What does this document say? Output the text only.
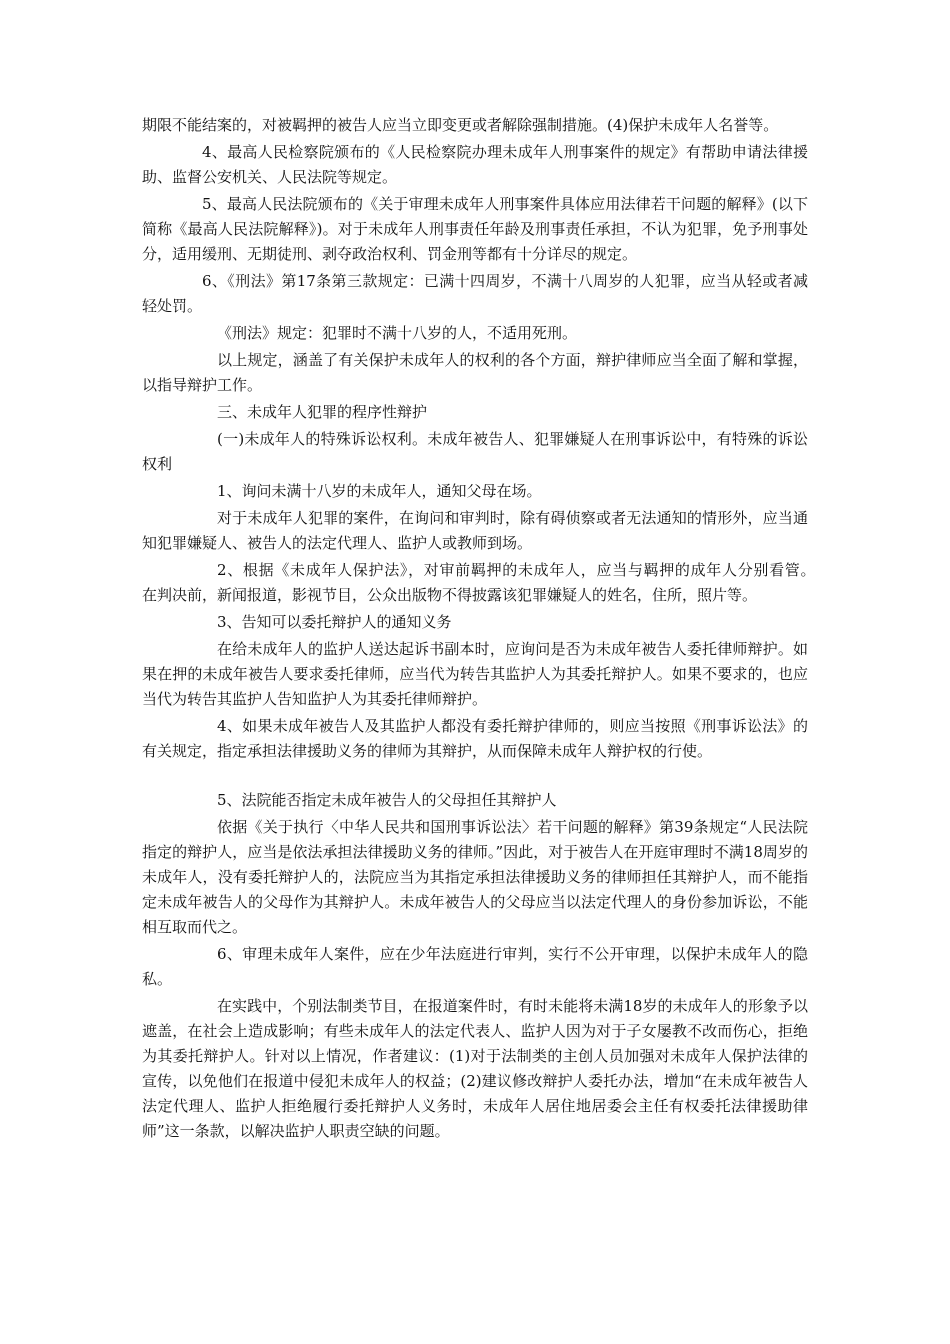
期限不能结案的，对被羁押的被告人应当立即变更或者解除强制措施。(4)保护未成年人名誉等。

4、最高人民检察院颁布的《人民检察院办理未成年人刑事案件的规定》有帮助申请法律援助、监督公安机关、人民法院等规定。

5、最高人民法院颁布的《关于审理未成年人刑事案件具体应用法律若干问题的解释》(以下简称《最高人民法院解释》)。对于未成年人刑事责任年龄及刑事责任承担，不认为犯罪，免予刑事处分，适用缓刑、无期徒刑、剥夺政治权利、罚金刑等都有十分详尽的规定。

6、《刑法》第17条第三款规定：已满十四周岁，不满十八周岁的人犯罪，应当从轻或者减轻处罚。

《刑法》规定：犯罪时不满十八岁的人，不适用死刑。

以上规定，涵盖了有关保护未成年人的权利的各个方面，辩护律师应当全面了解和掌握，以指导辩护工作。

三、未成年人犯罪的程序性辩护

(一)未成年人的特殊诉讼权利。未成年被告人、犯罪嫌疑人在刑事诉讼中，有特殊的诉讼权利

1、询问未满十八岁的未成年人，通知父母在场。

对于未成年人犯罪的案件，在询问和审判时，除有碍侦察或者无法通知的情形外，应当通知犯罪嫌疑人、被告人的法定代理人、监护人或教师到场。

2、根据《未成年人保护法》，对审前羁押的未成年人，应当与羁押的成年人分别看管。　　在判决前，新闻报道，影视节目，公众出版物不得披露该犯罪嫌疑人的姓名，住所，照片等。

3、告知可以委托辩护人的通知义务

在给未成年人的监护人送达起诉书副本时，应询问是否为未成年被告人委托律师辩护。如果在押的未成年被告人要求委托律师，应当代为转告其监护人为其委托辩护人。如果不要求的，也应当代为转告其监护人告知监护人为其委托律师辩护。

4、如果未成年被告人及其监护人都没有委托辩护律师的，则应当按照《刑事诉讼法》的有关规定，指定承担法律援助义务的律师为其辩护，从而保障未成年人辩护权的行使。

5、法院能否指定未成年被告人的父母担任其辩护人

依据《关于执行〈中华人民共和国刑事诉讼法〉若干问题的解释》第39条规定“人民法院指定的辩护人，应当是依法承担法律援助义务的律师。”因此，对于被告人在开庭审理时不满18周岁的未成年人，没有委托辩护人的，法院应当为其指定承担法律援助义务的律师担任其辩护人，而不能指定未成年被告人的父母作为其辩护人。未成年被告人的父母应当以法定代理人的身份参加诉讼，不能相互取而代之。

6、审理未成年人案件，应在少年法庭进行审判，实行不公开审理，以保护未成年人的隐私。

在实践中，个别法制类节目，在报道案件时，有时未能将未满18岁的未成年人的形象予以遮盖，在社会上造成影响；有些未成年人的法定代表人、监护人因为对于子女屡教不改而伤心，拒绝为其委托辩护人。针对以上情况，作者建议：(1)对于法制类的主创人员加强对未成年人保护法律的宣传，以免他们在报道中侵犯未成年人的权益；(2)建议修改辩护人委托办法，增加“在未成年被告人法定代理人、监护人拒绝履行委托辩护人义务时，未成年人居住地居委会主任有权委托法律援助律师”这一条款，以解决监护人职责空缺的问题。
